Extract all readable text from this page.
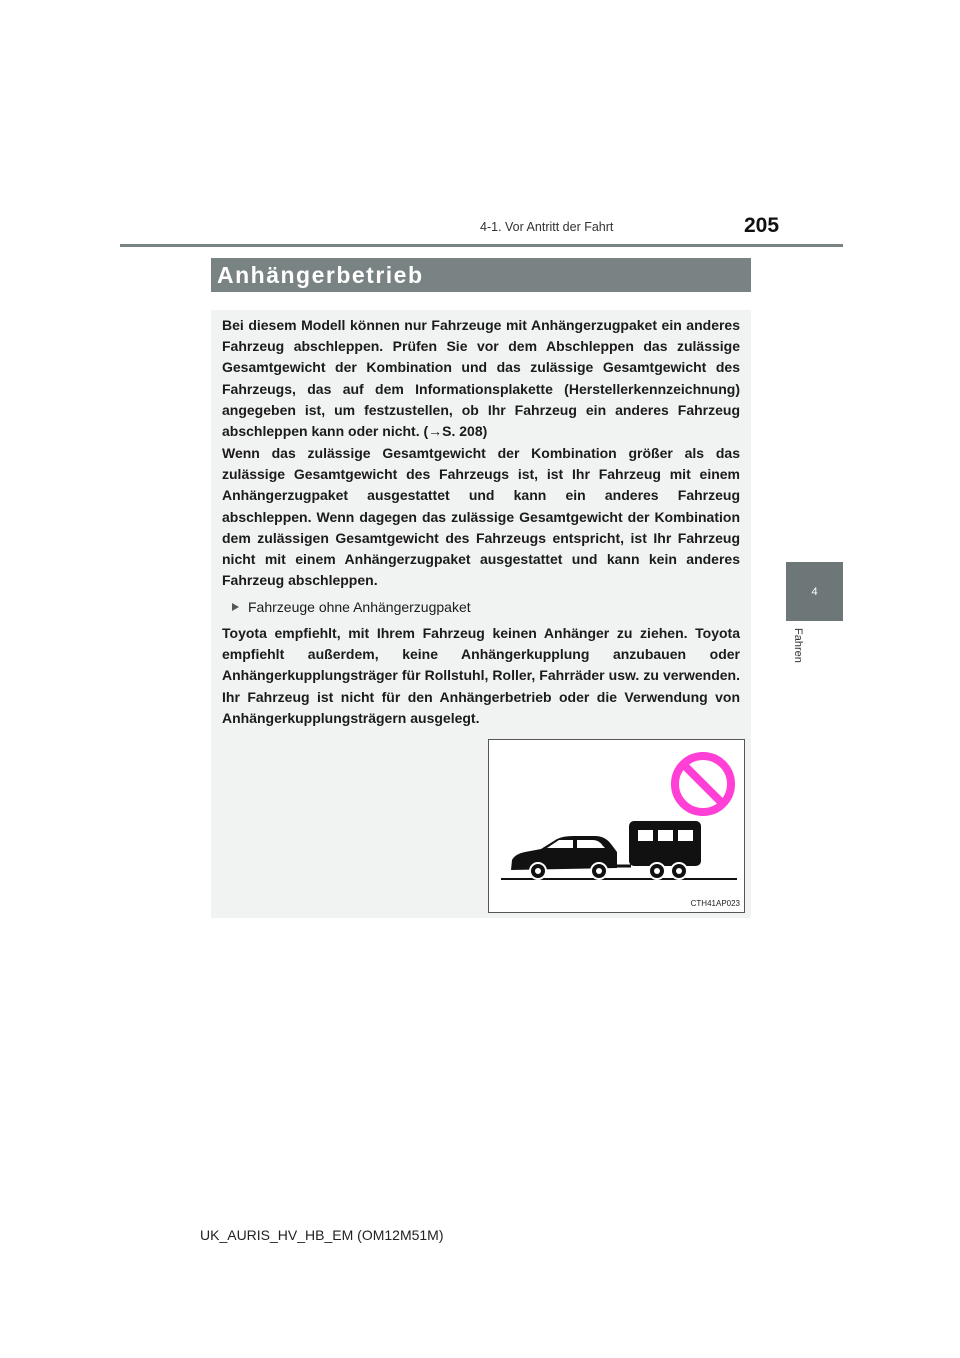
4-1. Vor Antritt der Fahrt	205
4
Fahren
Anhängerbetrieb

Bei diesem Modell können nur Fahrzeuge mit Anhängerzugpaket ein anderes Fahrzeug abschleppen. Prüfen Sie vor dem Abschleppen das zulässige Gesamtgewicht der Kombination und das zulässige Gesamtgewicht des Fahrzeugs, das auf dem Informationsplakette (Herstellerkennzeichnung) angegeben ist, um festzustellen, ob Ihr Fahrzeug ein anderes Fahrzeug abschleppen kann oder nicht. (→S. 208)

Wenn das zulässige Gesamtgewicht der Kombination größer als das zulässige Gesamtgewicht des Fahrzeugs ist, ist Ihr Fahrzeug mit einem Anhängerzugpaket ausgestattet und kann ein anderes Fahrzeug abschleppen. Wenn dagegen das zulässige Gesamtgewicht der Kombination dem zulässigen Gesamtgewicht des Fahrzeugs entspricht, ist Ihr Fahrzeug nicht mit einem Anhängerzugpaket ausgestattet und kann kein anderes Fahrzeug abschleppen.

Fahrzeuge ohne Anhängerzugpaket

Toyota empfiehlt, mit Ihrem Fahrzeug keinen Anhänger zu ziehen. Toyota empfiehlt außerdem, keine Anhängerkupplung anzubauen oder Anhängerkupplungsträger für Rollstuhl, Roller, Fahrräder usw. zu verwenden. Ihr Fahrzeug ist nicht für den Anhängerbetrieb oder die Verwendung von Anhängerkupplungsträgern ausgelegt.

CTH41AP023
UK_AURIS_HV_HB_EM (OM12M51M)
